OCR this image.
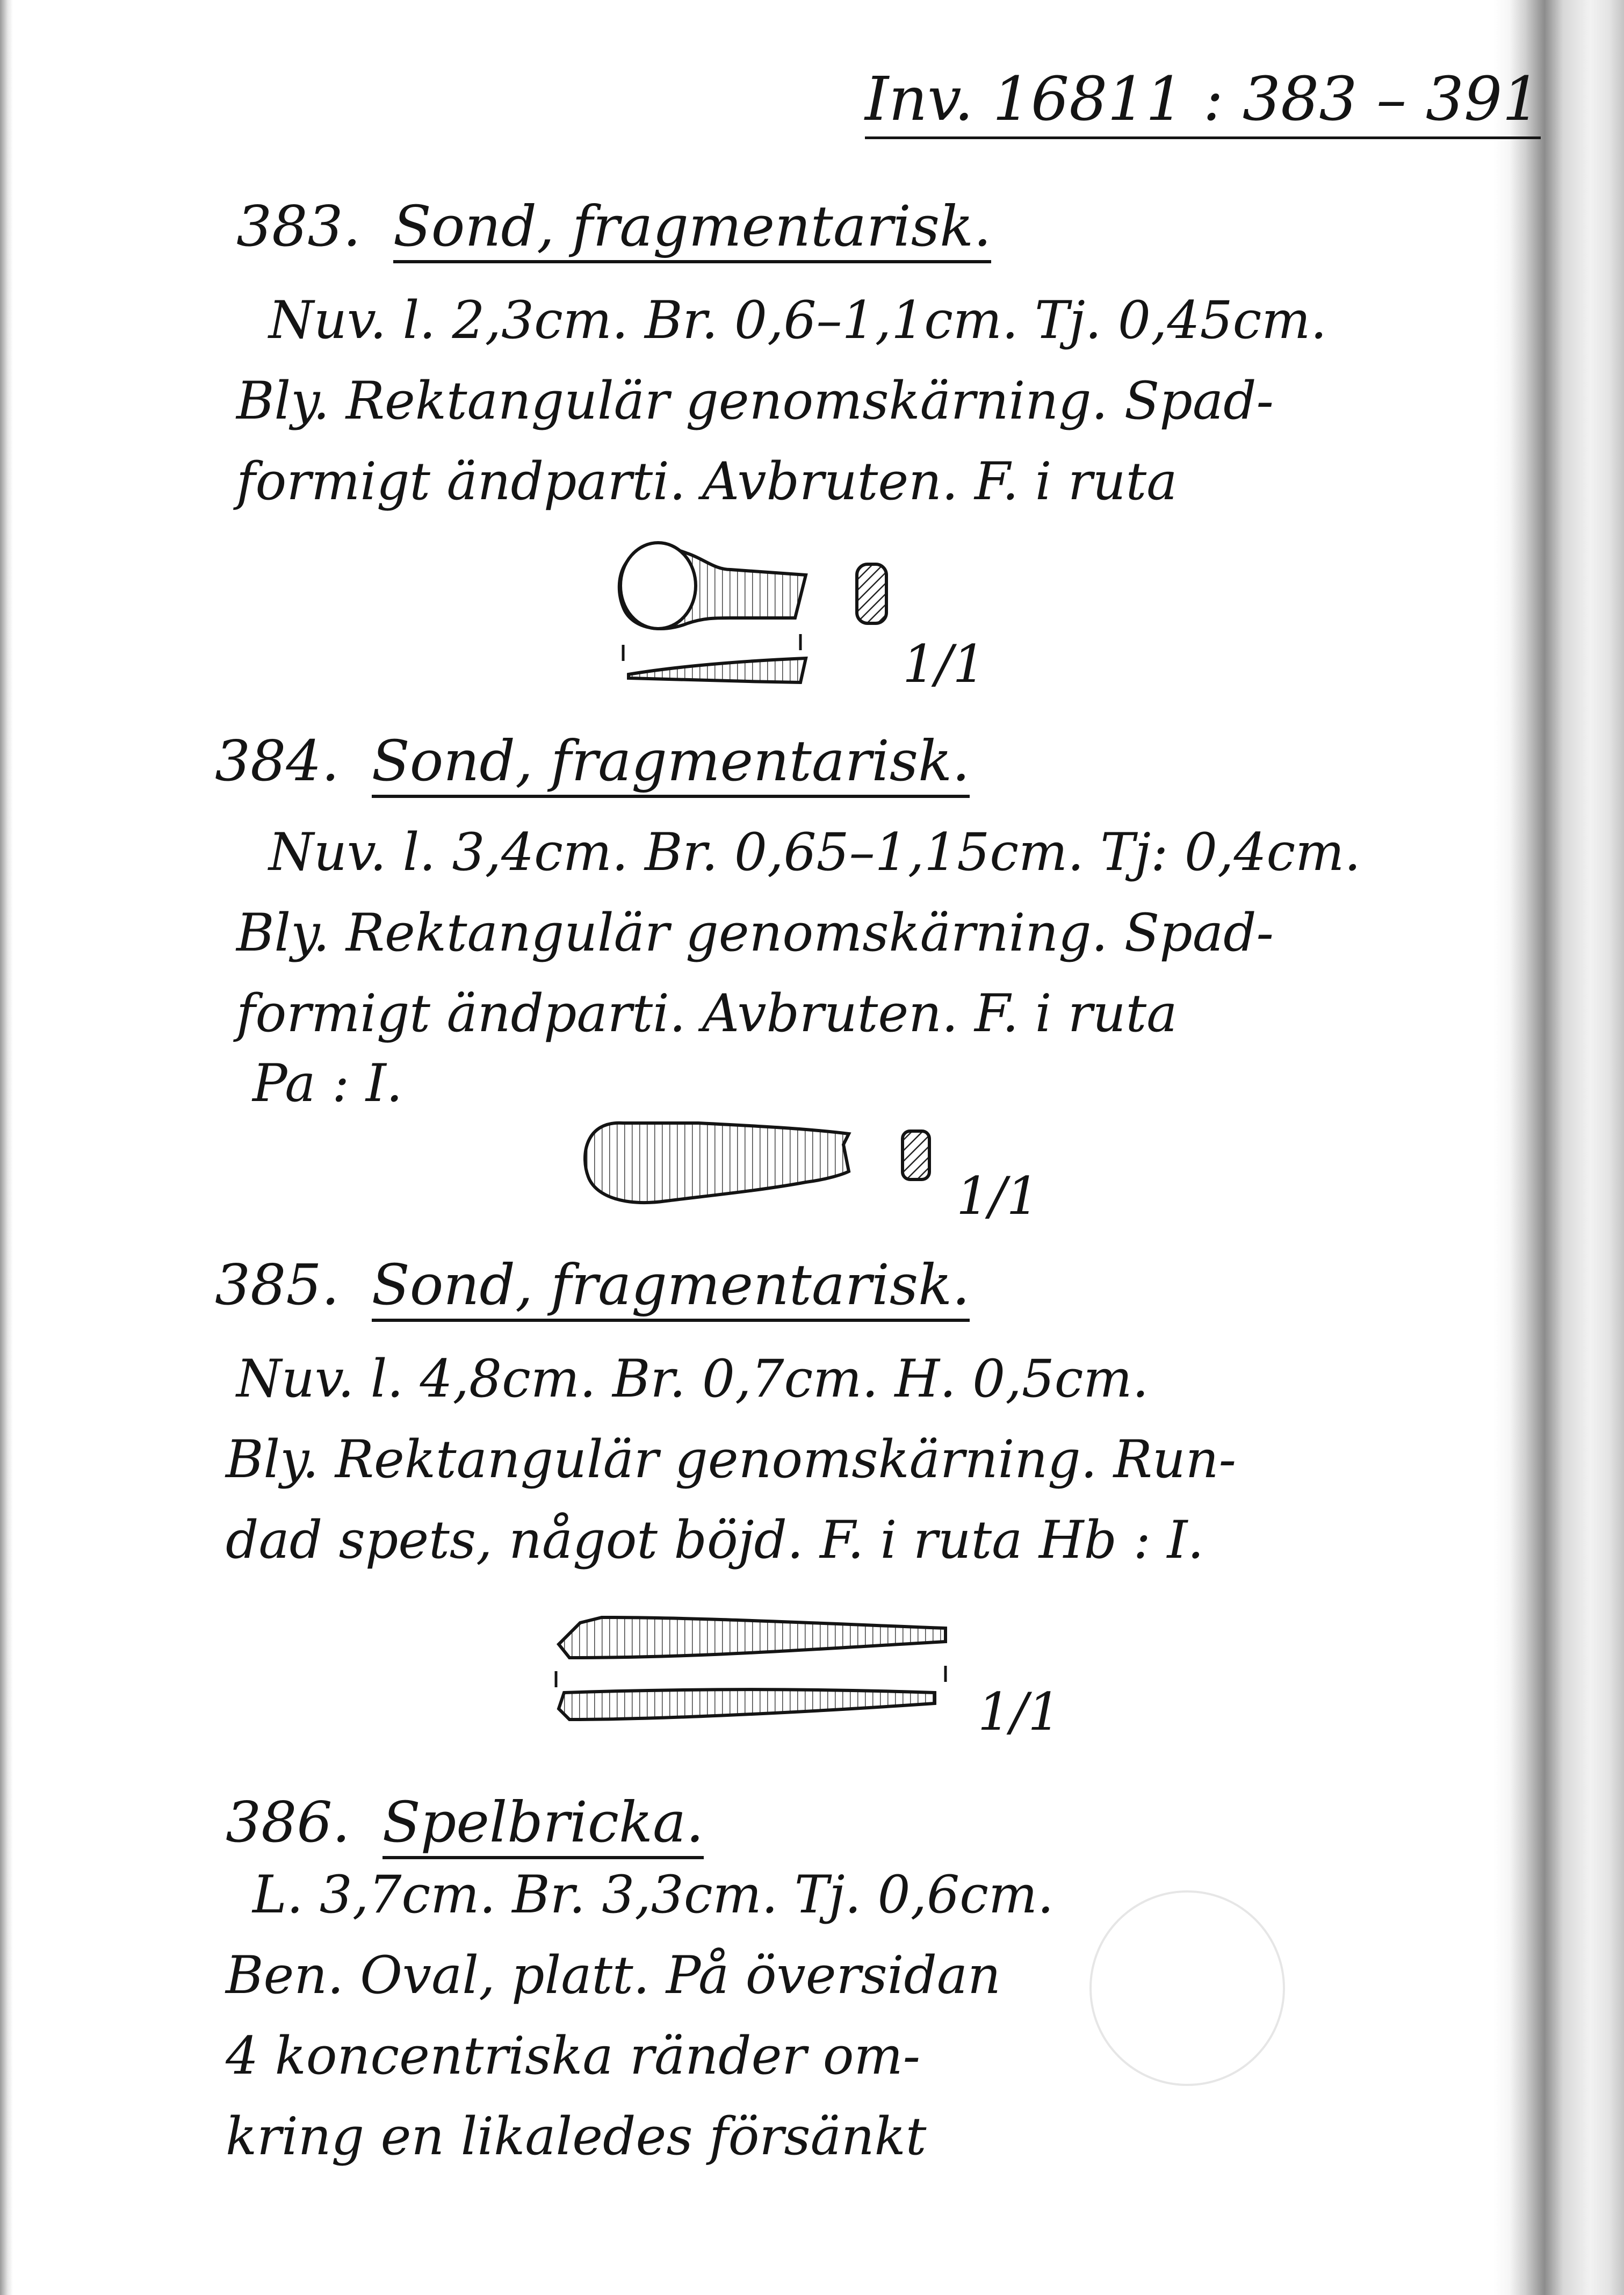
Inv. 16811 : 383 – 391
383. Sond, fragmentarisk.
Nuv. l. 2,3cm. Br. 0,6–1,1cm. Tj. 0,45cm.
Bly. Rektangulär genomskärning. Spad-
formigt ändparti. Avbruten. F. i ruta
384. Sond, fragmentarisk.
Nuv. l. 3,4cm. Br. 0,65–1,15cm. Tj: 0,4cm.
Bly. Rektangulär genomskärning. Spad-
formigt ändparti. Avbruten. F. i ruta
Pa : I.
385. Sond, fragmentarisk.
Nuv. l. 4,8cm. Br. 0,7cm. H. 0,5cm.
Bly. Rektangulär genomskärning. Run-
dad spets, något böjd. F. i ruta Hb : I.
386. Spelbricka.
L. 3,7cm. Br. 3,3cm. Tj. 0,6cm.
Ben. Oval, platt. På översidan
4 koncentriska ränder om-
kring en likaledes försänkt
1/1
1/1
1/1
